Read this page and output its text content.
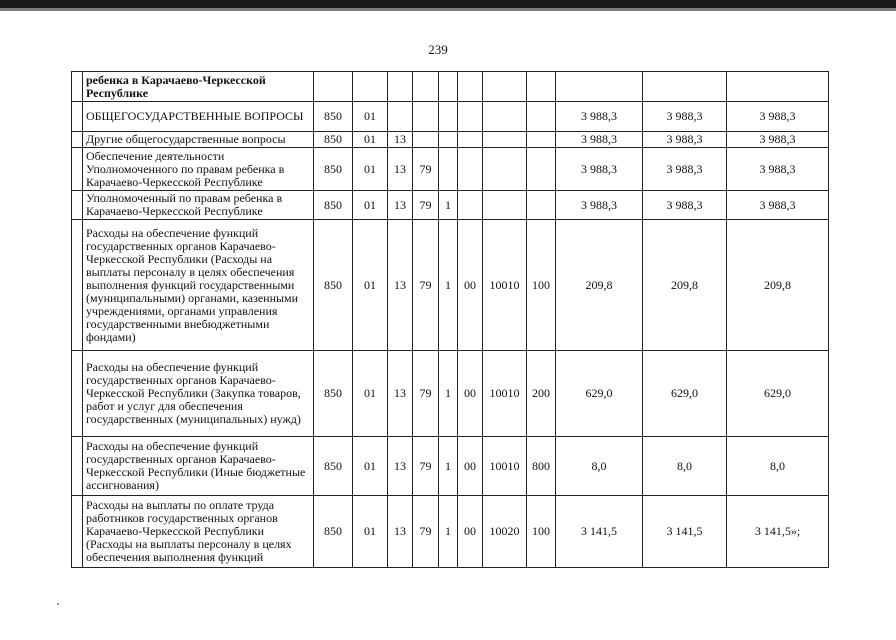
239
	ребенка в Карачаево-Черкесской Республике											
	ОБЩЕГОСУДАРСТВЕННЫЕ ВОПРОСЫ	850	01							3 988,3	3 988,3	3 988,3
	Другие общегосударственные вопросы	850	01	13						3 988,3	3 988,3	3 988,3
	Обеспечение деятельности Уполномоченного по правам ребенка в Карачаево-Черкесской Республике	850	01	13	79					3 988,3	3 988,3	3 988,3
	Уполномоченный по правам ребенка в Карачаево-Черкесской Республике	850	01	13	79	1				3 988,3	3 988,3	3 988,3
	Расходы на обеспечение функций государственных органов Карачаево-Черкесской Республики (Расходы на выплаты персоналу в целях обеспечения выполнения функций государственными (муниципальными) органами, казенными учреждениями, органами управления государственными внебюджетными фондами)	850	01	13	79	1	00	10010	100	209,8	209,8	209,8
	Расходы на обеспечение функций государственных органов Карачаево-Черкесской Республики (Закупка товаров, работ и услуг для обеспечения государственных (муниципальных) нужд)	850	01	13	79	1	00	10010	200	629,0	629,0	629,0
	Расходы на обеспечение функций государственных органов Карачаево-Черкесской Республики (Иные бюджетные ассигнования)	850	01	13	79	1	00	10010	800	8,0	8,0	8,0
	Расходы на выплаты по оплате труда работников государственных органов Карачаево-Черкесской Республики (Расходы на выплаты персоналу в целях обеспечения выполнения функций	850	01	13	79	1	00	10020	100	3 141,5	3 141,5	3 141,5»;
